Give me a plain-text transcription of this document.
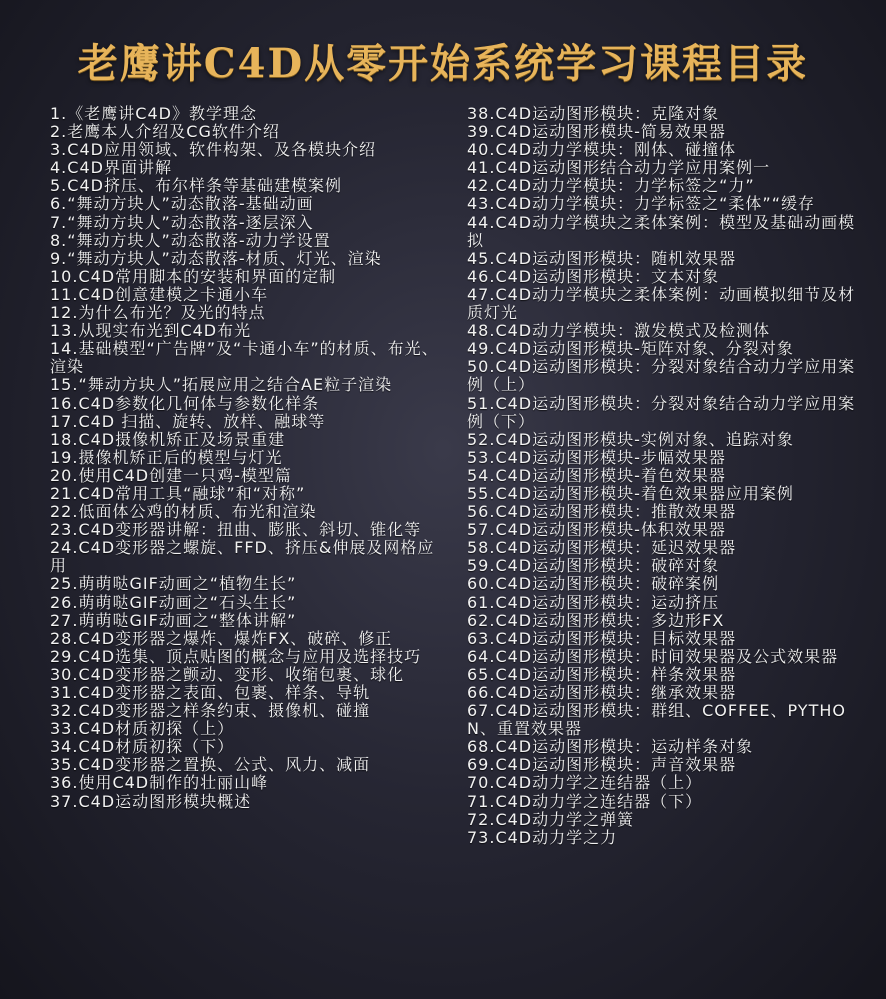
老鹰讲C4D从零开始系统学习课程目录
1.《老鹰讲C4D》教学理念
2.老鹰本人介绍及CG软件介绍
3.C4D应用领域、软件构架、及各模块介绍
4.C4D界面讲解
5.C4D挤压、布尔样条等基础建模案例
6.“舞动方块人”动态散落-基础动画
7.“舞动方块人”动态散落-逐层深入
8.“舞动方块人”动态散落-动力学设置
9.“舞动方块人”动态散落-材质、灯光、渲染
10.C4D常用脚本的安装和界面的定制
11.C4D创意建模之卡通小车
12.为什么布光？及光的特点
13.从现实布光到C4D布光
14.基础模型“广告牌”及“卡通小车”的材质、布光、渲染
15.“舞动方块人”拓展应用之结合AE粒子渲染
16.C4D参数化几何体与参数化样条
17.C4D 扫描、旋转、放样、融球等
18.C4D摄像机矫正及场景重建
19.摄像机矫正后的模型与灯光
20.使用C4D创建一只鸡-模型篇
21.C4D常用工具“融球”和“对称”
22.低面体公鸡的材质、布光和渲染
23.C4D变形器讲解：扭曲、膨胀、斜切、锥化等
24.C4D变形器之螺旋、FFD、挤压&伸展及网格应用
25.萌萌哒GIF动画之“植物生长”
26.萌萌哒GIF动画之“石头生长”
27.萌萌哒GIF动画之“整体讲解”
28.C4D变形器之爆炸、爆炸FX、破碎、修正
29.C4D选集、顶点贴图的概念与应用及选择技巧
30.C4D变形器之颤动、变形、收缩包裹、球化
31.C4D变形器之表面、包裹、样条、导轨
32.C4D变形器之样条约束、摄像机、碰撞
33.C4D材质初探（上）
34.C4D材质初探（下）
35.C4D变形器之置换、公式、风力、减面
36.使用C4D制作的壮丽山峰
37.C4D运动图形模块概述
38.C4D运动图形模块：克隆对象
39.C4D运动图形模块-简易效果器
40.C4D动力学模块：刚体、碰撞体
41.C4D运动图形结合动力学应用案例一
42.C4D动力学模块：力学标签之“力”
43.C4D动力学模块：力学标签之“柔体”“缓存
44.C4D动力学模块之柔体案例：模型及基础动画模拟
45.C4D运动图形模块：随机效果器
46.C4D运动图形模块：文本对象
47.C4D动力学模块之柔体案例：动画模拟细节及材质灯光
48.C4D动力学模块：激发模式及检测体
49.C4D运动图形模块-矩阵对象、分裂对象
50.C4D运动图形模块：分裂对象结合动力学应用案例（上）
51.C4D运动图形模块：分裂对象结合动力学应用案例（下）
52.C4D运动图形模块-实例对象、追踪对象
53.C4D运动图形模块-步幅效果器
54.C4D运动图形模块-着色效果器
55.C4D运动图形模块-着色效果器应用案例
56.C4D运动图形模块：推散效果器
57.C4D运动图形模块-体积效果器
58.C4D运动图形模块：延迟效果器
59.C4D运动图形模块：破碎对象
60.C4D运动图形模块：破碎案例
61.C4D运动图形模块：运动挤压
62.C4D运动图形模块：多边形FX
63.C4D运动图形模块：目标效果器
64.C4D运动图形模块：时间效果器及公式效果器
65.C4D运动图形模块：样条效果器
66.C4D运动图形模块：继承效果器
67.C4D运动图形模块：群组、COFFEE、PYTHON、重置效果器
68.C4D运动图形模块：运动样条对象
69.C4D运动图形模块：声音效果器
70.C4D动力学之连结器（上）
71.C4D动力学之连结器（下）
72.C4D动力学之弹簧
73.C4D动力学之力
